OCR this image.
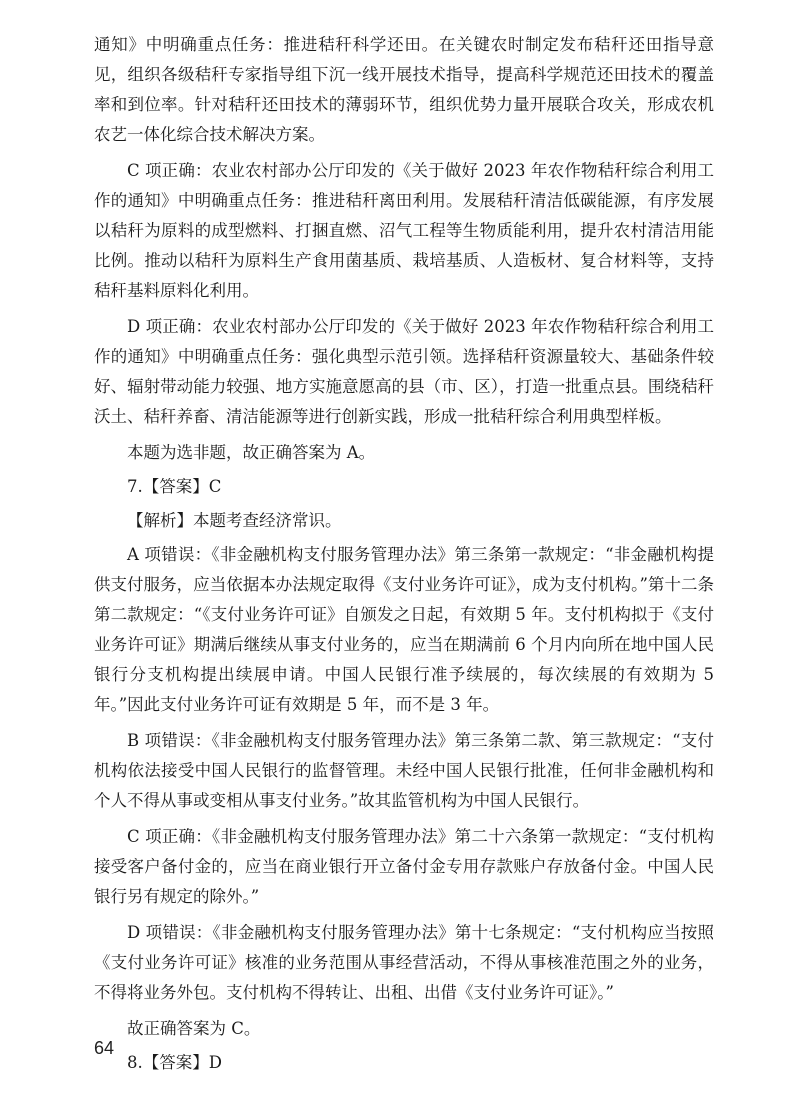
通知》中明确重点任务：推进秸秆科学还田。在关键农时制定发布秸秆还田指导意见，组织各级秸秆专家指导组下沉一线开展技术指导，提高科学规范还田技术的覆盖率和到位率。针对秸秆还田技术的薄弱环节，组织优势力量开展联合攻关，形成农机农艺一体化综合技术解决方案。

C 项正确：农业农村部办公厅印发的《关于做好 2023 年农作物秸秆综合利用工作的通知》中明确重点任务：推进秸秆离田利用。发展秸秆清洁低碳能源，有序发展以秸秆为原料的成型燃料、打捆直燃、沼气工程等生物质能利用，提升农村清洁用能比例。推动以秸秆为原料生产食用菌基质、栽培基质、人造板材、复合材料等，支持秸秆基料原料化利用。

D 项正确：农业农村部办公厅印发的《关于做好 2023 年农作物秸秆综合利用工作的通知》中明确重点任务：强化典型示范引领。选择秸秆资源量较大、基础条件较好、辐射带动能力较强、地方实施意愿高的县（市、区），打造一批重点县。围绕秸秆沃土、秸秆养畜、清洁能源等进行创新实践，形成一批秸秆综合利用典型样板。

本题为选非题，故正确答案为 A。

7.【答案】C

【解析】本题考查经济常识。

A 项错误：《非金融机构支付服务管理办法》第三条第一款规定：“非金融机构提供支付服务，应当依据本办法规定取得《支付业务许可证》，成为支付机构。”第十二条第二款规定：“《支付业务许可证》自颁发之日起，有效期 5 年。支付机构拟于《支付业务许可证》期满后继续从事支付业务的，应当在期满前 6 个月内向所在地中国人民银行分支机构提出续展申请。中国人民银行准予续展的，每次续展的有效期为 5 年。”因此支付业务许可证有效期是 5 年，而不是 3 年。

B 项错误：《非金融机构支付服务管理办法》第三条第二款、第三款规定：“支付机构依法接受中国人民银行的监督管理。未经中国人民银行批准，任何非金融机构和个人不得从事或变相从事支付业务。”故其监管机构为中国人民银行。

C 项正确：《非金融机构支付服务管理办法》第二十六条第一款规定：“支付机构接受客户备付金的，应当在商业银行开立备付金专用存款账户存放备付金。中国人民银行另有规定的除外。”

D 项错误：《非金融机构支付服务管理办法》第十七条规定：“支付机构应当按照《支付业务许可证》核准的业务范围从事经营活动，不得从事核准范围之外的业务，不得将业务外包。支付机构不得转让、出租、出借《支付业务许可证》。”

故正确答案为 C。

8.【答案】D

64
